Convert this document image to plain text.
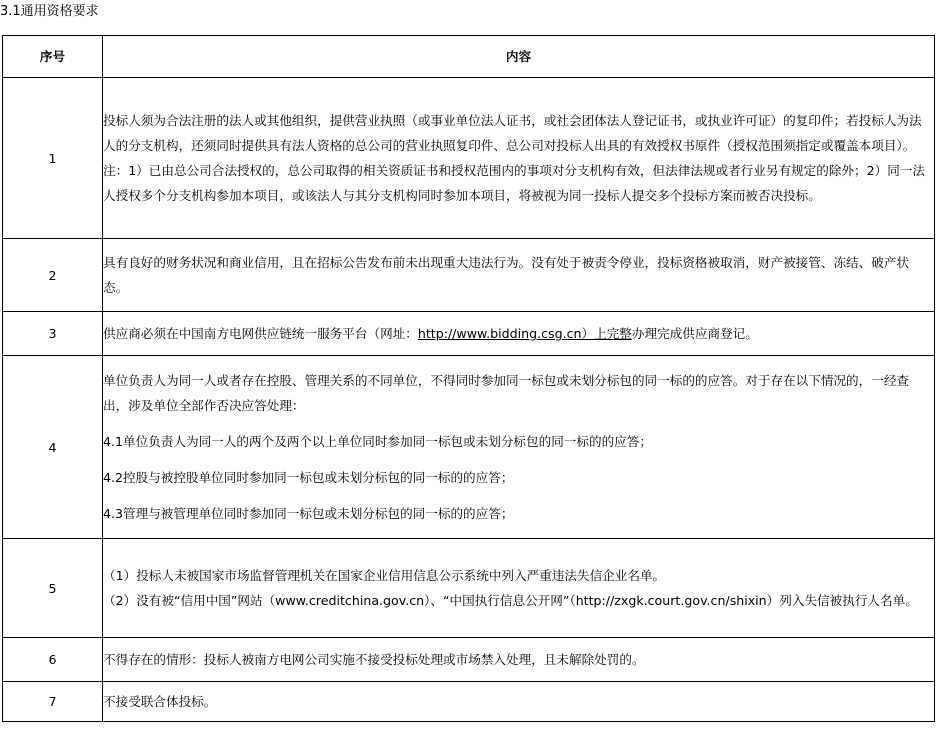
3.1通用资格要求
序号	内容
1	投标人须为合法注册的法人或其他组织，提供营业执照（或事业单位法人证书，或社会团体法人登记证书，或执业许可证）的复印件；若投标人为法人的分支机构，还须同时提供具有法人资格的总公司的营业执照复印件、总公司对投标人出具的有效授权书原件（授权范围须指定或覆盖本项目）。注：1）已由总公司合法授权的，总公司取得的相关资质证书和授权范围内的事项对分支机构有效，但法律法规或者行业另有规定的除外；2）同一法人授权多个分支机构参加本项目，或该法人与其分支机构同时参加本项目，将被视为同一投标人提交多个投标方案而被否决投标。

2	具有良好的财务状况和商业信用，且在招标公告发布前未出现重大违法行为。没有处于被责令停业，投标资格被取消，财产被接管、冻结、破产状态。

3	供应商必须在中国南方电网供应链统一服务平台（网址：http://www.bidding.csg.cn）上完整办理完成供应商登记。

4	单位负责人为同一人或者存在控股、管理关系的不同单位，不得同时参加同一标包或未划分标包的同一标的的应答。对于存在以下情况的，一经查出，涉及单位全部作否决应答处理：

4.1单位负责人为同一人的两个及两个以上单位同时参加同一标包或未划分标包的同一标的的应答；

4.2控股与被控股单位同时参加同一标包或未划分标包的同一标的的应答；

4.3管理与被管理单位同时参加同一标包或未划分标包的同一标的的应答；

5	（1）投标人未被国家市场监督管理机关在国家企业信用信息公示系统中列入严重违法失信企业名单。

（2）没有被“信用中国”网站（www.creditchina.gov.cn）、“中国执行信息公开网”（http://zxgk.court.gov.cn/shixin）列入失信被执行人名单。

6	不得存在的情形：投标人被南方电网公司实施不接受投标处理或市场禁入处理，且未解除处罚的。

7	不接受联合体投标。
